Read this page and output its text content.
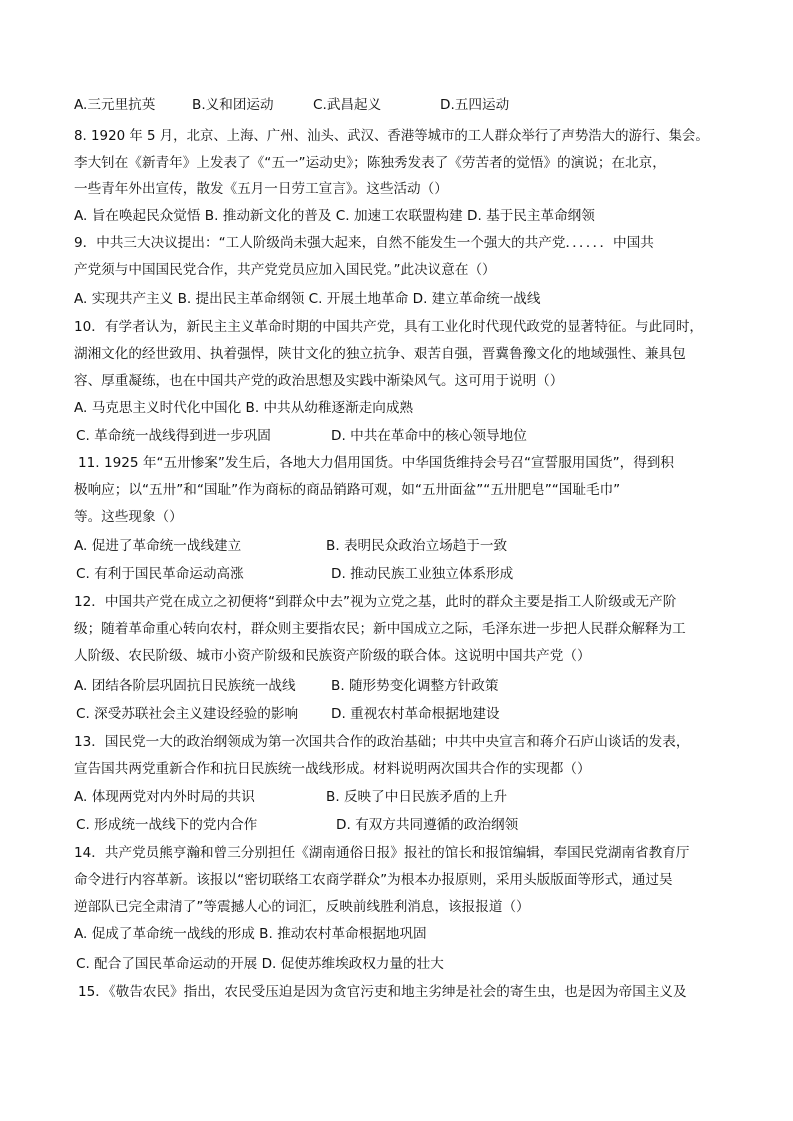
A.三元里抗英	B.义和团运动	C.武昌起义	D.五四运动
8. 1920 年 5 月，北京、上海、广州、汕头、武汉、香港等城市的工人群众举行了声势浩大的游行、集会。
李大钊在《新青年》上发表了《“五一”运动史》；陈独秀发表了《劳苦者的觉悟》的演说；在北京，
一些青年外出宣传，散发《五月一日劳工宣言》。这些活动（）
A. 旨在唤起民众觉悟 B. 推动新文化的普及 C. 加速工农联盟构建 D. 基于民主革命纲领
9．中共三大决议提出：“工人阶级尚未强大起来，自然不能发生一个强大的共产党．．．．．．中国共
产党须与中国国民党合作，共产党党员应加入国民党。”此决议意在（）
A. 实现共产主义 B. 提出民主革命纲领 C. 开展土地革命 D. 建立革命统一战线
10．有学者认为，新民主主义革命时期的中国共产党，具有工业化时代现代政党的显著特征。与此同时，
湖湘文化的经世致用、执着强悍，陕甘文化的独立抗争、艰苦自强，晋冀鲁豫文化的地域强性、兼具包
容、厚重凝练，也在中国共产党的政治思想及实践中渐染风气。这可用于说明（）
A. 马克思主义时代化中国化 B. 中共从幼稚逐渐走向成熟
C. 革命统一战线得到进一步巩固	D. 中共在革命中的核心领导地位
11. 1925 年“五卅惨案”发生后，各地大力倡用国货。中华国货维持会号召“宣誓服用国货”，得到积
极响应；以“五卅”和“国耻”作为商标的商品销路可观，如“五卅面盆”“五卅肥皂”“国耻毛巾”
等。这些现象（）
A. 促进了革命统一战线建立	B. 表明民众政治立场趋于一致
C. 有利于国民革命运动高涨	D. 推动民族工业独立体系形成
12．中国共产党在成立之初便将“到群众中去”视为立党之基，此时的群众主要是指工人阶级或无产阶
级；随着革命重心转向农村，群众则主要指农民；新中国成立之际，毛泽东进一步把人民群众解释为工
人阶级、农民阶级、城市小资产阶级和民族资产阶级的联合体。这说明中国共产党（）
A. 团结各阶层巩固抗日民族统一战线	B. 随形势变化调整方针政策
C. 深受苏联社会主义建设经验的影响 D. 重视农村革命根据地建设
13．国民党一大的政治纲领成为第一次国共合作的政治基础；中共中央宣言和蒋介石庐山谈话的发表，
宣告国共两党重新合作和抗日民族统一战线形成。材料说明两次国共合作的实现都（）
A. 体现两党对内外时局的共识	B. 反映了中日民族矛盾的上升
C. 形成统一战线下的党内合作	D. 有双方共同遵循的政治纲领
14．共产党员熊亨瀚和曾三分别担任《湖南通俗日报》报社的馆长和报馆编辑，奉国民党湖南省教育厅
命令进行内容革新。该报以“密切联络工农商学群众”为根本办报原则，采用头版版面等形式，通过吴
逆部队已完全肃清了”等震撼人心的词汇，反映前线胜利消息，该报报道（）
A. 促成了革命统一战线的形成 B. 推动农村革命根据地巩固
C. 配合了国民革命运动的开展 D. 促使苏维埃政权力量的壮大
15．《敬告农民》指出，农民受压迫是因为贪官污吏和地主劣绅是社会的寄生虫，也是因为帝国主义及
